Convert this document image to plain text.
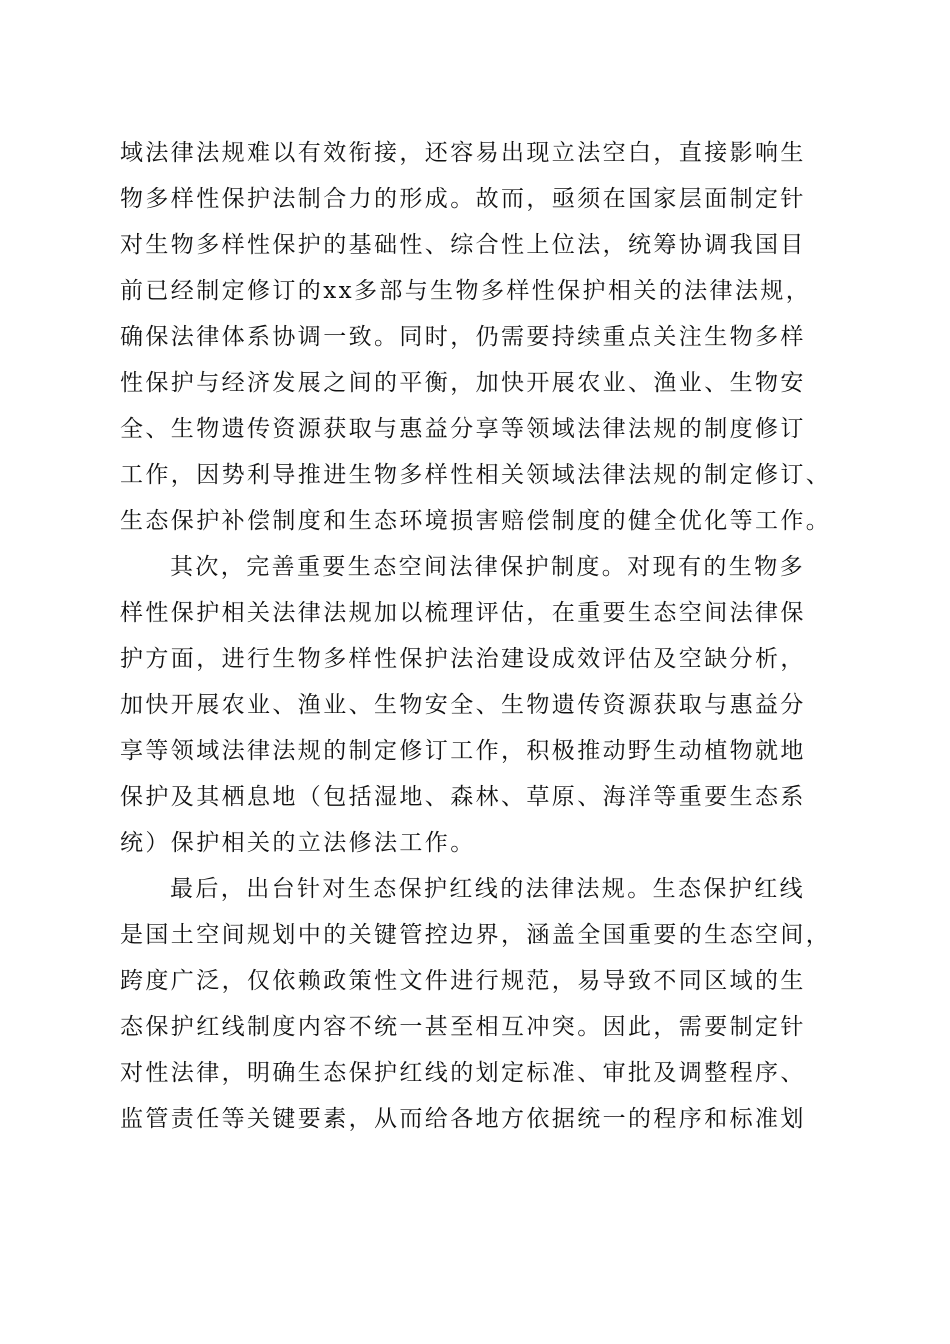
域法律法规难以有效衔接，还容易出现立法空白，直接影响生
物多样性保护法制合力的形成。故而，亟须在国家层面制定针
对生物多样性保护的基础性、综合性上位法，统筹协调我国目
前已经制定修订的xx多部与生物多样性保护相关的法律法规，
确保法律体系协调一致。同时，仍需要持续重点关注生物多样
性保护与经济发展之间的平衡，加快开展农业、渔业、生物安
全、生物遗传资源获取与惠益分享等领域法律法规的制度修订
工作，因势利导推进生物多样性相关领域法律法规的制定修订、
生态保护补偿制度和生态环境损害赔偿制度的健全优化等工作。
其次，完善重要生态空间法律保护制度。对现有的生物多
样性保护相关法律法规加以梳理评估，在重要生态空间法律保
护方面，进行生物多样性保护法治建设成效评估及空缺分析，
加快开展农业、渔业、生物安全、生物遗传资源获取与惠益分
享等领域法律法规的制定修订工作，积极推动野生动植物就地
保护及其栖息地（包括湿地、森林、草原、海洋等重要生态系
统）保护相关的立法修法工作。
最后，出台针对生态保护红线的法律法规。生态保护红线
是国土空间规划中的关键管控边界，涵盖全国重要的生态空间，
跨度广泛，仅依赖政策性文件进行规范，易导致不同区域的生
态保护红线制度内容不统一甚至相互冲突。因此，需要制定针
对性法律，明确生态保护红线的划定标准、审批及调整程序、
监管责任等关键要素，从而给各地方依据统一的程序和标准划
